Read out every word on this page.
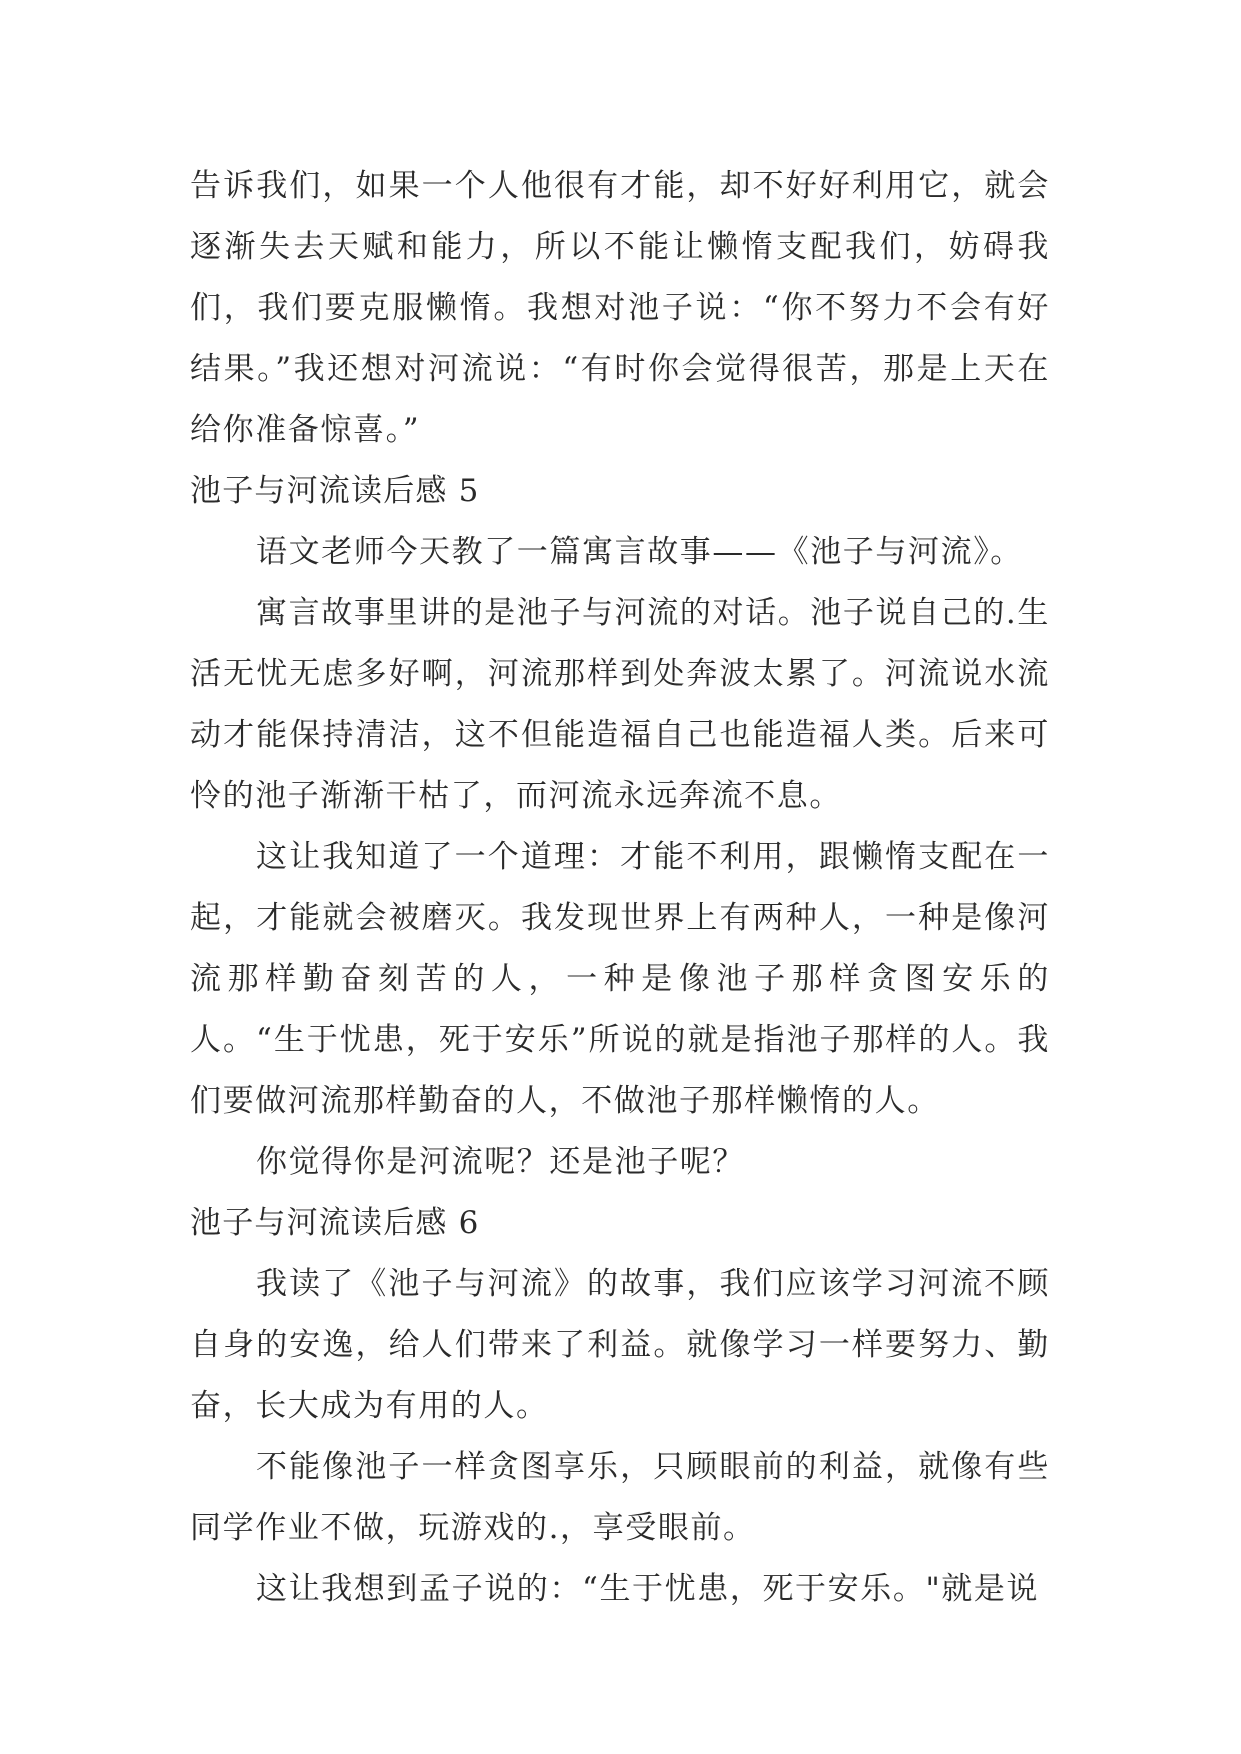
告诉我们，如果一个人他很有才能，却不好好利用它，就会逐渐失去天赋和能力，所以不能让懒惰支配我们，妨碍我们，我们要克服懒惰。我想对池子说：“你不努力不会有好结果。”我还想对河流说：“有时你会觉得很苦，那是上天在给你准备惊喜。”

池子与河流读后感 5

语文老师今天教了一篇寓言故事——《池子与河流》。

寓言故事里讲的是池子与河流的对话。池子说自己的.生活无忧无虑多好啊，河流那样到处奔波太累了。河流说水流动才能保持清洁，这不但能造福自己也能造福人类。后来可怜的池子渐渐干枯了，而河流永远奔流不息。

这让我知道了一个道理：才能不利用，跟懒惰支配在一起，才能就会被磨灭。我发现世界上有两种人，一种是像河流那样勤奋刻苦的人，一种是像池子那样贪图安乐的人。“生于忧患，死于安乐”所说的就是指池子那样的人。我们要做河流那样勤奋的人，不做池子那样懒惰的人。

你觉得你是河流呢？还是池子呢？

池子与河流读后感 6

我读了《池子与河流》的故事，我们应该学习河流不顾自身的安逸，给人们带来了利益。就像学习一样要努力、勤奋，长大成为有用的人。

不能像池子一样贪图享乐，只顾眼前的利益，就像有些同学作业不做，玩游戏的.，享受眼前。

这让我想到孟子说的：“生于忧患，死于安乐。"就是说
